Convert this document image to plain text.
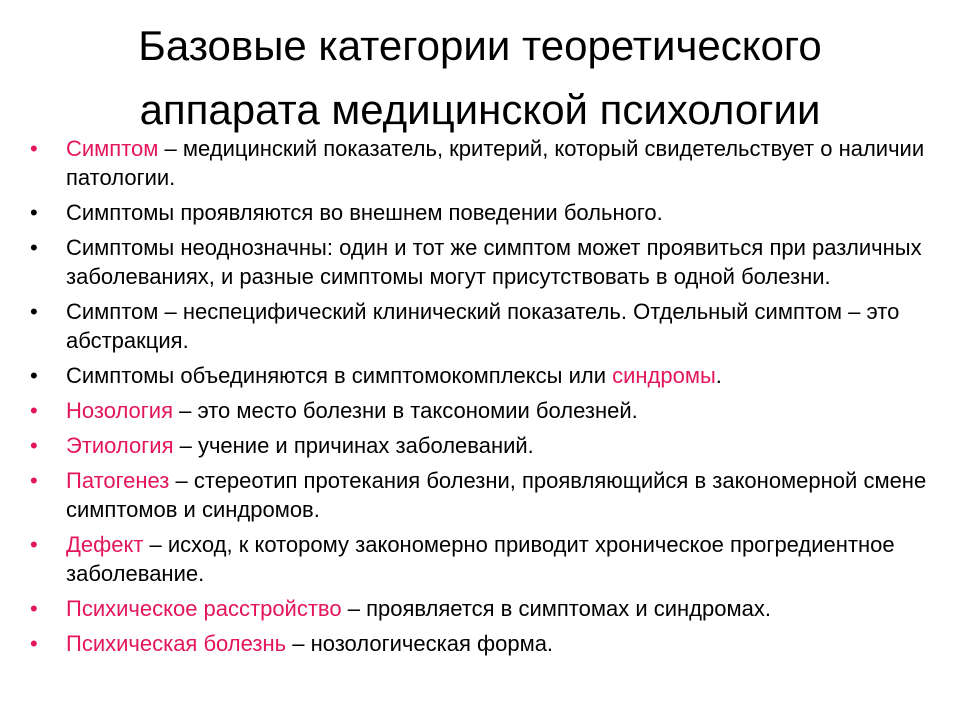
Базовые категории теоретического
аппарата медицинской психологии
•	Симптом – медицинский показатель, критерий, который свидетельствует о наличии патологии.
•	Симптомы проявляются во внешнем поведении больного.
•	Симптомы неоднозначны: один и тот же симптом может проявиться при различных заболеваниях, и разные симптомы могут присутствовать в одной болезни.
•	Симптом – неспецифический клинический показатель. Отдельный симптом – это абстракция.
•	Симптомы объединяются в симптомокомплексы или синдромы.
•	Нозология – это место болезни в таксономии болезней.
•	Этиология – учение и причинах заболеваний.
•	Патогенез – стереотип протекания болезни, проявляющийся в закономерной смене симптомов и синдромов.
•	Дефект – исход, к которому закономерно приводит хроническое прогредиентное заболевание.
•	Психическое расстройство – проявляется в симптомах и синдромах.
•	Психическая болезнь – нозологическая форма.
